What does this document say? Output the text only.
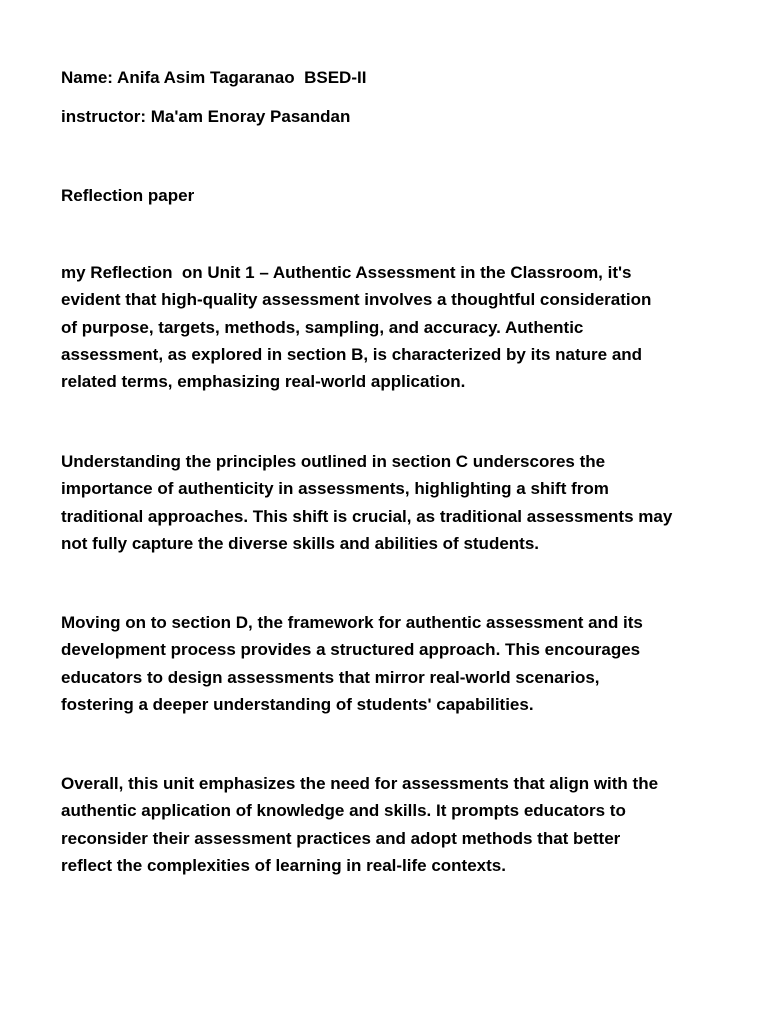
Name: Anifa Asim Tagaranao  BSED-II

instructor: Ma'am Enoray Pasandan

Reflection paper

my Reflection  on Unit 1 – Authentic Assessment in the Classroom, it's
evident that high-quality assessment involves a thoughtful consideration
of purpose, targets, methods, sampling, and accuracy. Authentic
assessment, as explored in section B, is characterized by its nature and
related terms, emphasizing real-world application.

Understanding the principles outlined in section C underscores the
importance of authenticity in assessments, highlighting a shift from
traditional approaches. This shift is crucial, as traditional assessments may
not fully capture the diverse skills and abilities of students.

Moving on to section D, the framework for authentic assessment and its
development process provides a structured approach. This encourages
educators to design assessments that mirror real-world scenarios,
fostering a deeper understanding of students' capabilities.

Overall, this unit emphasizes the need for assessments that align with the
authentic application of knowledge and skills. It prompts educators to
reconsider their assessment practices and adopt methods that better
reflect the complexities of learning in real-life contexts.
